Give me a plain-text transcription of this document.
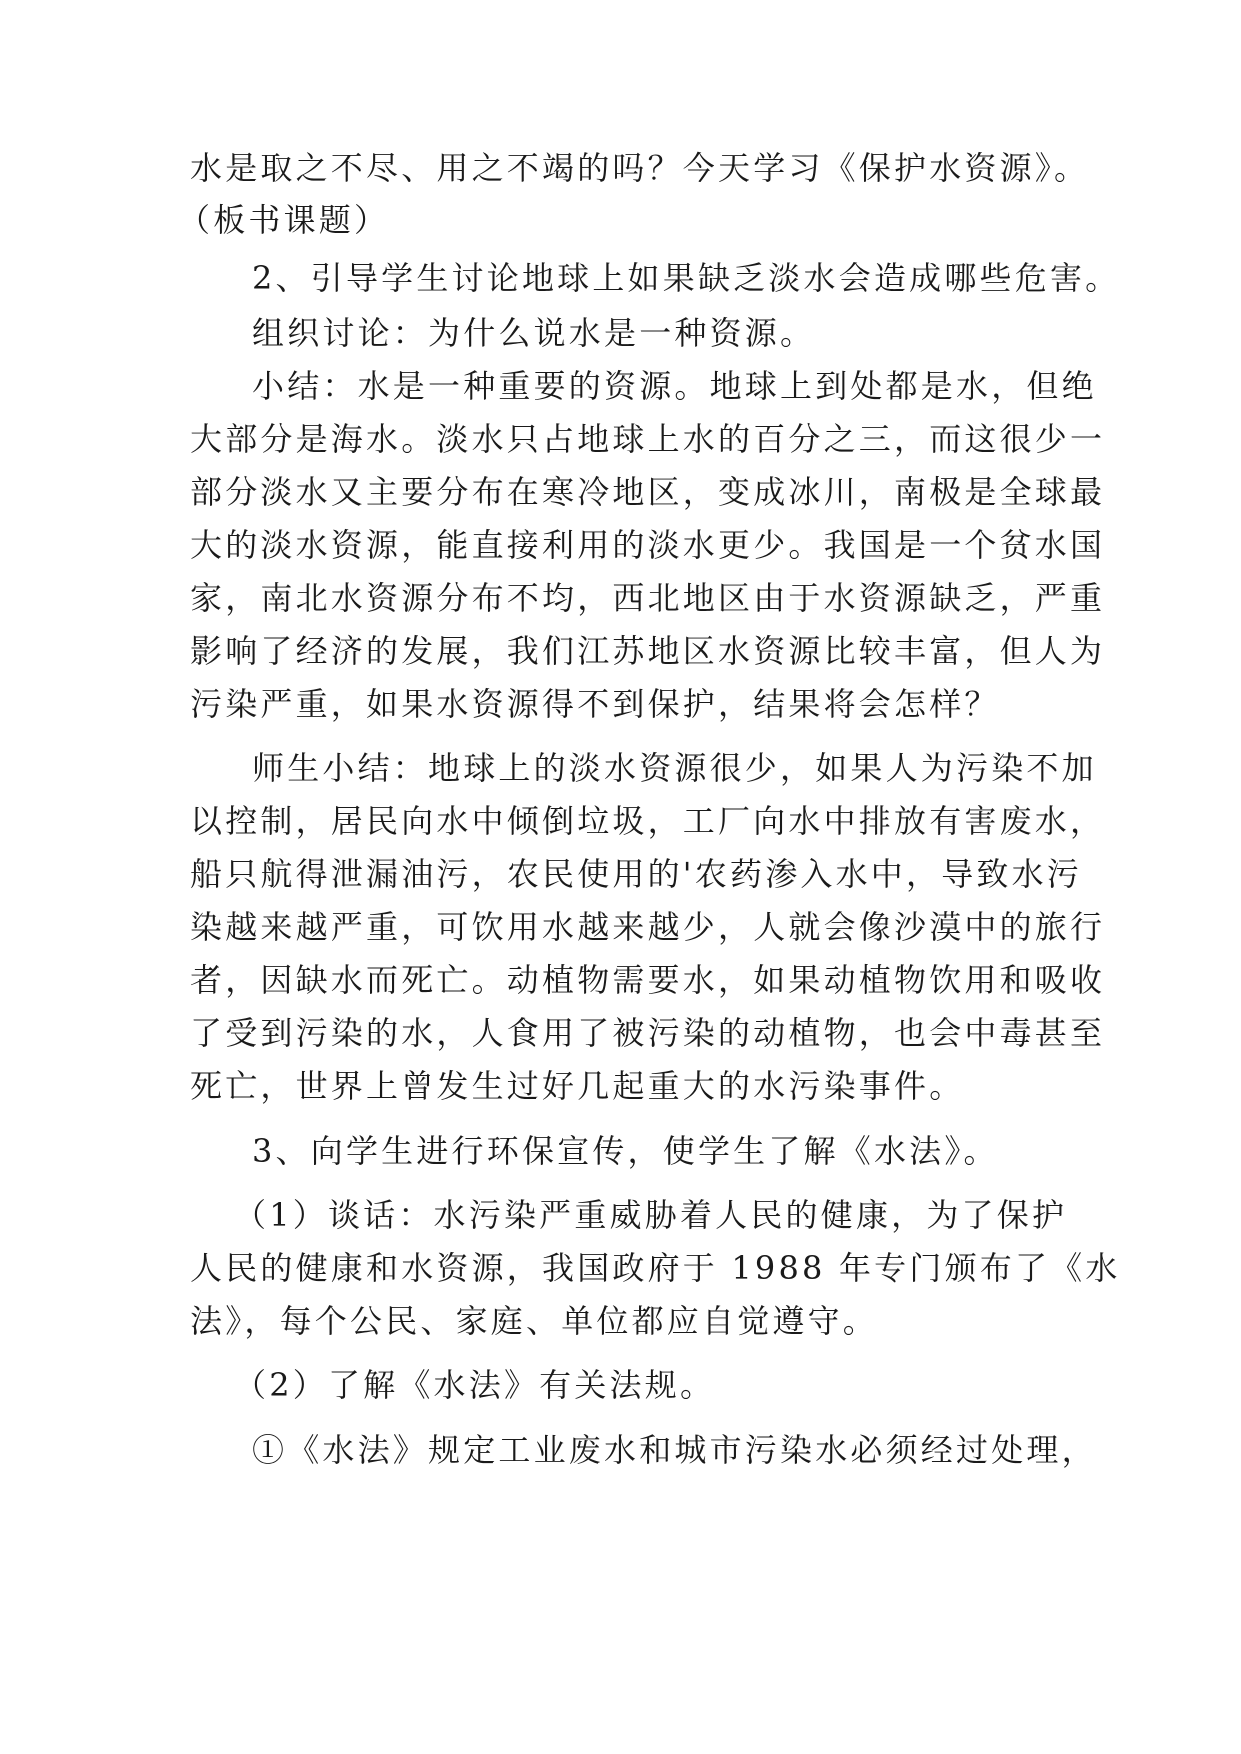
水是取之不尽、用之不竭的吗？今天学习《保护水资源》。
（板书课题）
2、引导学生讨论地球上如果缺乏淡水会造成哪些危害。
组织讨论：为什么说水是一种资源。
小结：水是一种重要的资源。地球上到处都是水，但绝
大部分是海水。淡水只占地球上水的百分之三，而这很少一
部分淡水又主要分布在寒冷地区，变成冰川，南极是全球最
大的淡水资源，能直接利用的淡水更少。我国是一个贫水国
家，南北水资源分布不均，西北地区由于水资源缺乏，严重
影响了经济的发展，我们江苏地区水资源比较丰富，但人为
污染严重，如果水资源得不到保护，结果将会怎样？
师生小结：地球上的淡水资源很少，如果人为污染不加
以控制，居民向水中倾倒垃圾，工厂向水中排放有害废水，
船只航得泄漏油污，农民使用的'农药渗入水中，导致水污
染越来越严重，可饮用水越来越少，人就会像沙漠中的旅行
者，因缺水而死亡。动植物需要水，如果动植物饮用和吸收
了受到污染的水，人食用了被污染的动植物，也会中毒甚至
死亡，世界上曾发生过好几起重大的水污染事件。
3、向学生进行环保宣传，使学生了解《水法》。
（1）谈话：水污染严重威胁着人民的健康，为了保护
人民的健康和水资源，我国政府于 1988 年专门颁布了《水
法》，每个公民、家庭、单位都应自觉遵守。
（2）了解《水法》有关法规。
①《水法》规定工业废水和城市污染水必须经过处理，
